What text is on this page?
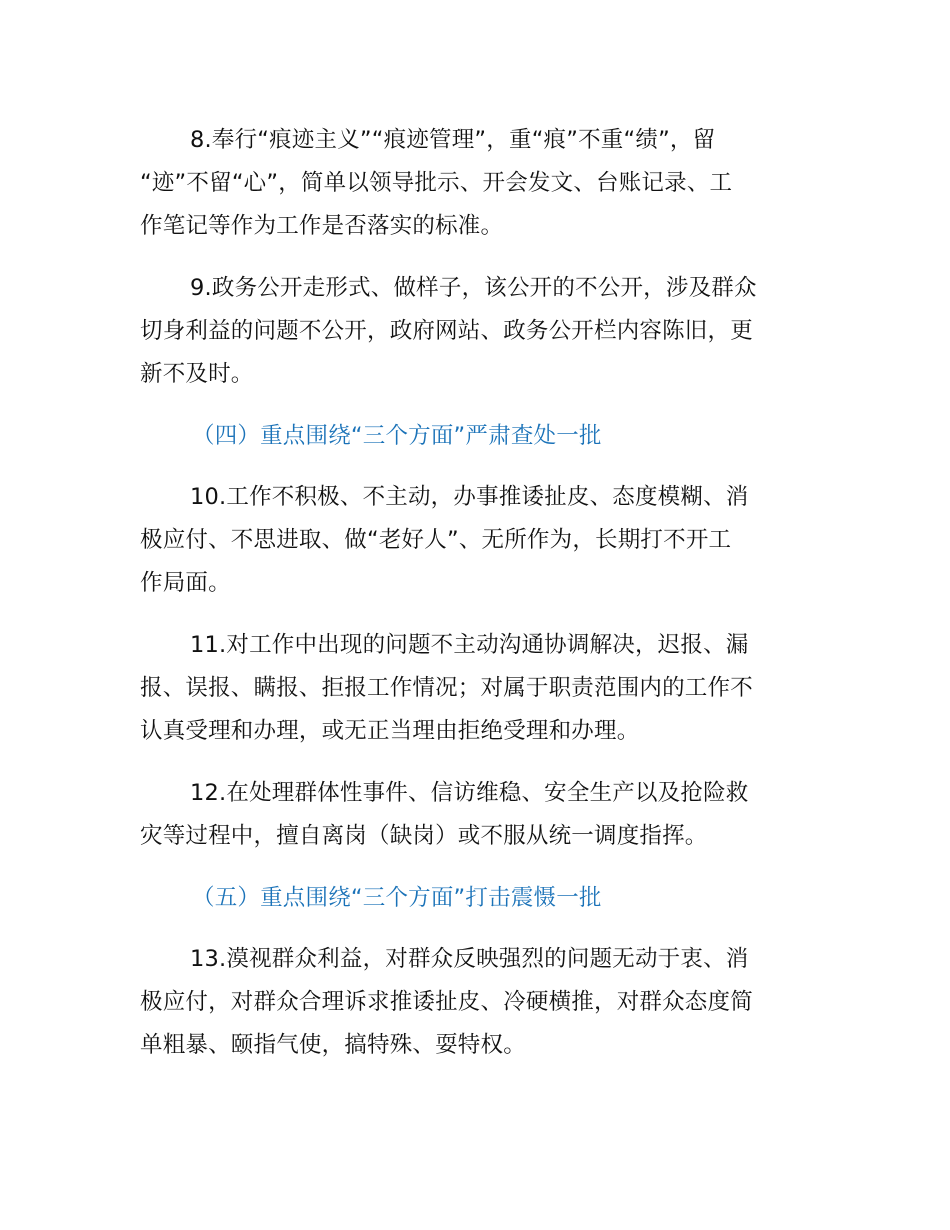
8.奉行“痕迹主义”“痕迹管理”，重“痕”不重“绩”，留
“迹”不留“心”，简单以领导批示、开会发文、台账记录、工
作笔记等作为工作是否落实的标准。

9.政务公开走形式、做样子，该公开的不公开，涉及群众
切身利益的问题不公开，政府网站、政务公开栏内容陈旧，更
新不及时。

（四）重点围绕“三个方面”严肃查处一批

10.工作不积极、不主动，办事推诿扯皮、态度模糊、消
极应付、不思进取、做“老好人”、无所作为，长期打不开工
作局面。

11.对工作中出现的问题不主动沟通协调解决，迟报、漏
报、误报、瞒报、拒报工作情况；对属于职责范围内的工作不
认真受理和办理，或无正当理由拒绝受理和办理。

12.在处理群体性事件、信访维稳、安全生产以及抢险救
灾等过程中，擅自离岗（缺岗）或不服从统一调度指挥。

（五）重点围绕“三个方面”打击震慑一批

13.漠视群众利益，对群众反映强烈的问题无动于衷、消
极应付，对群众合理诉求推诿扯皮、冷硬横推，对群众态度简
单粗暴、颐指气使，搞特殊、耍特权。
